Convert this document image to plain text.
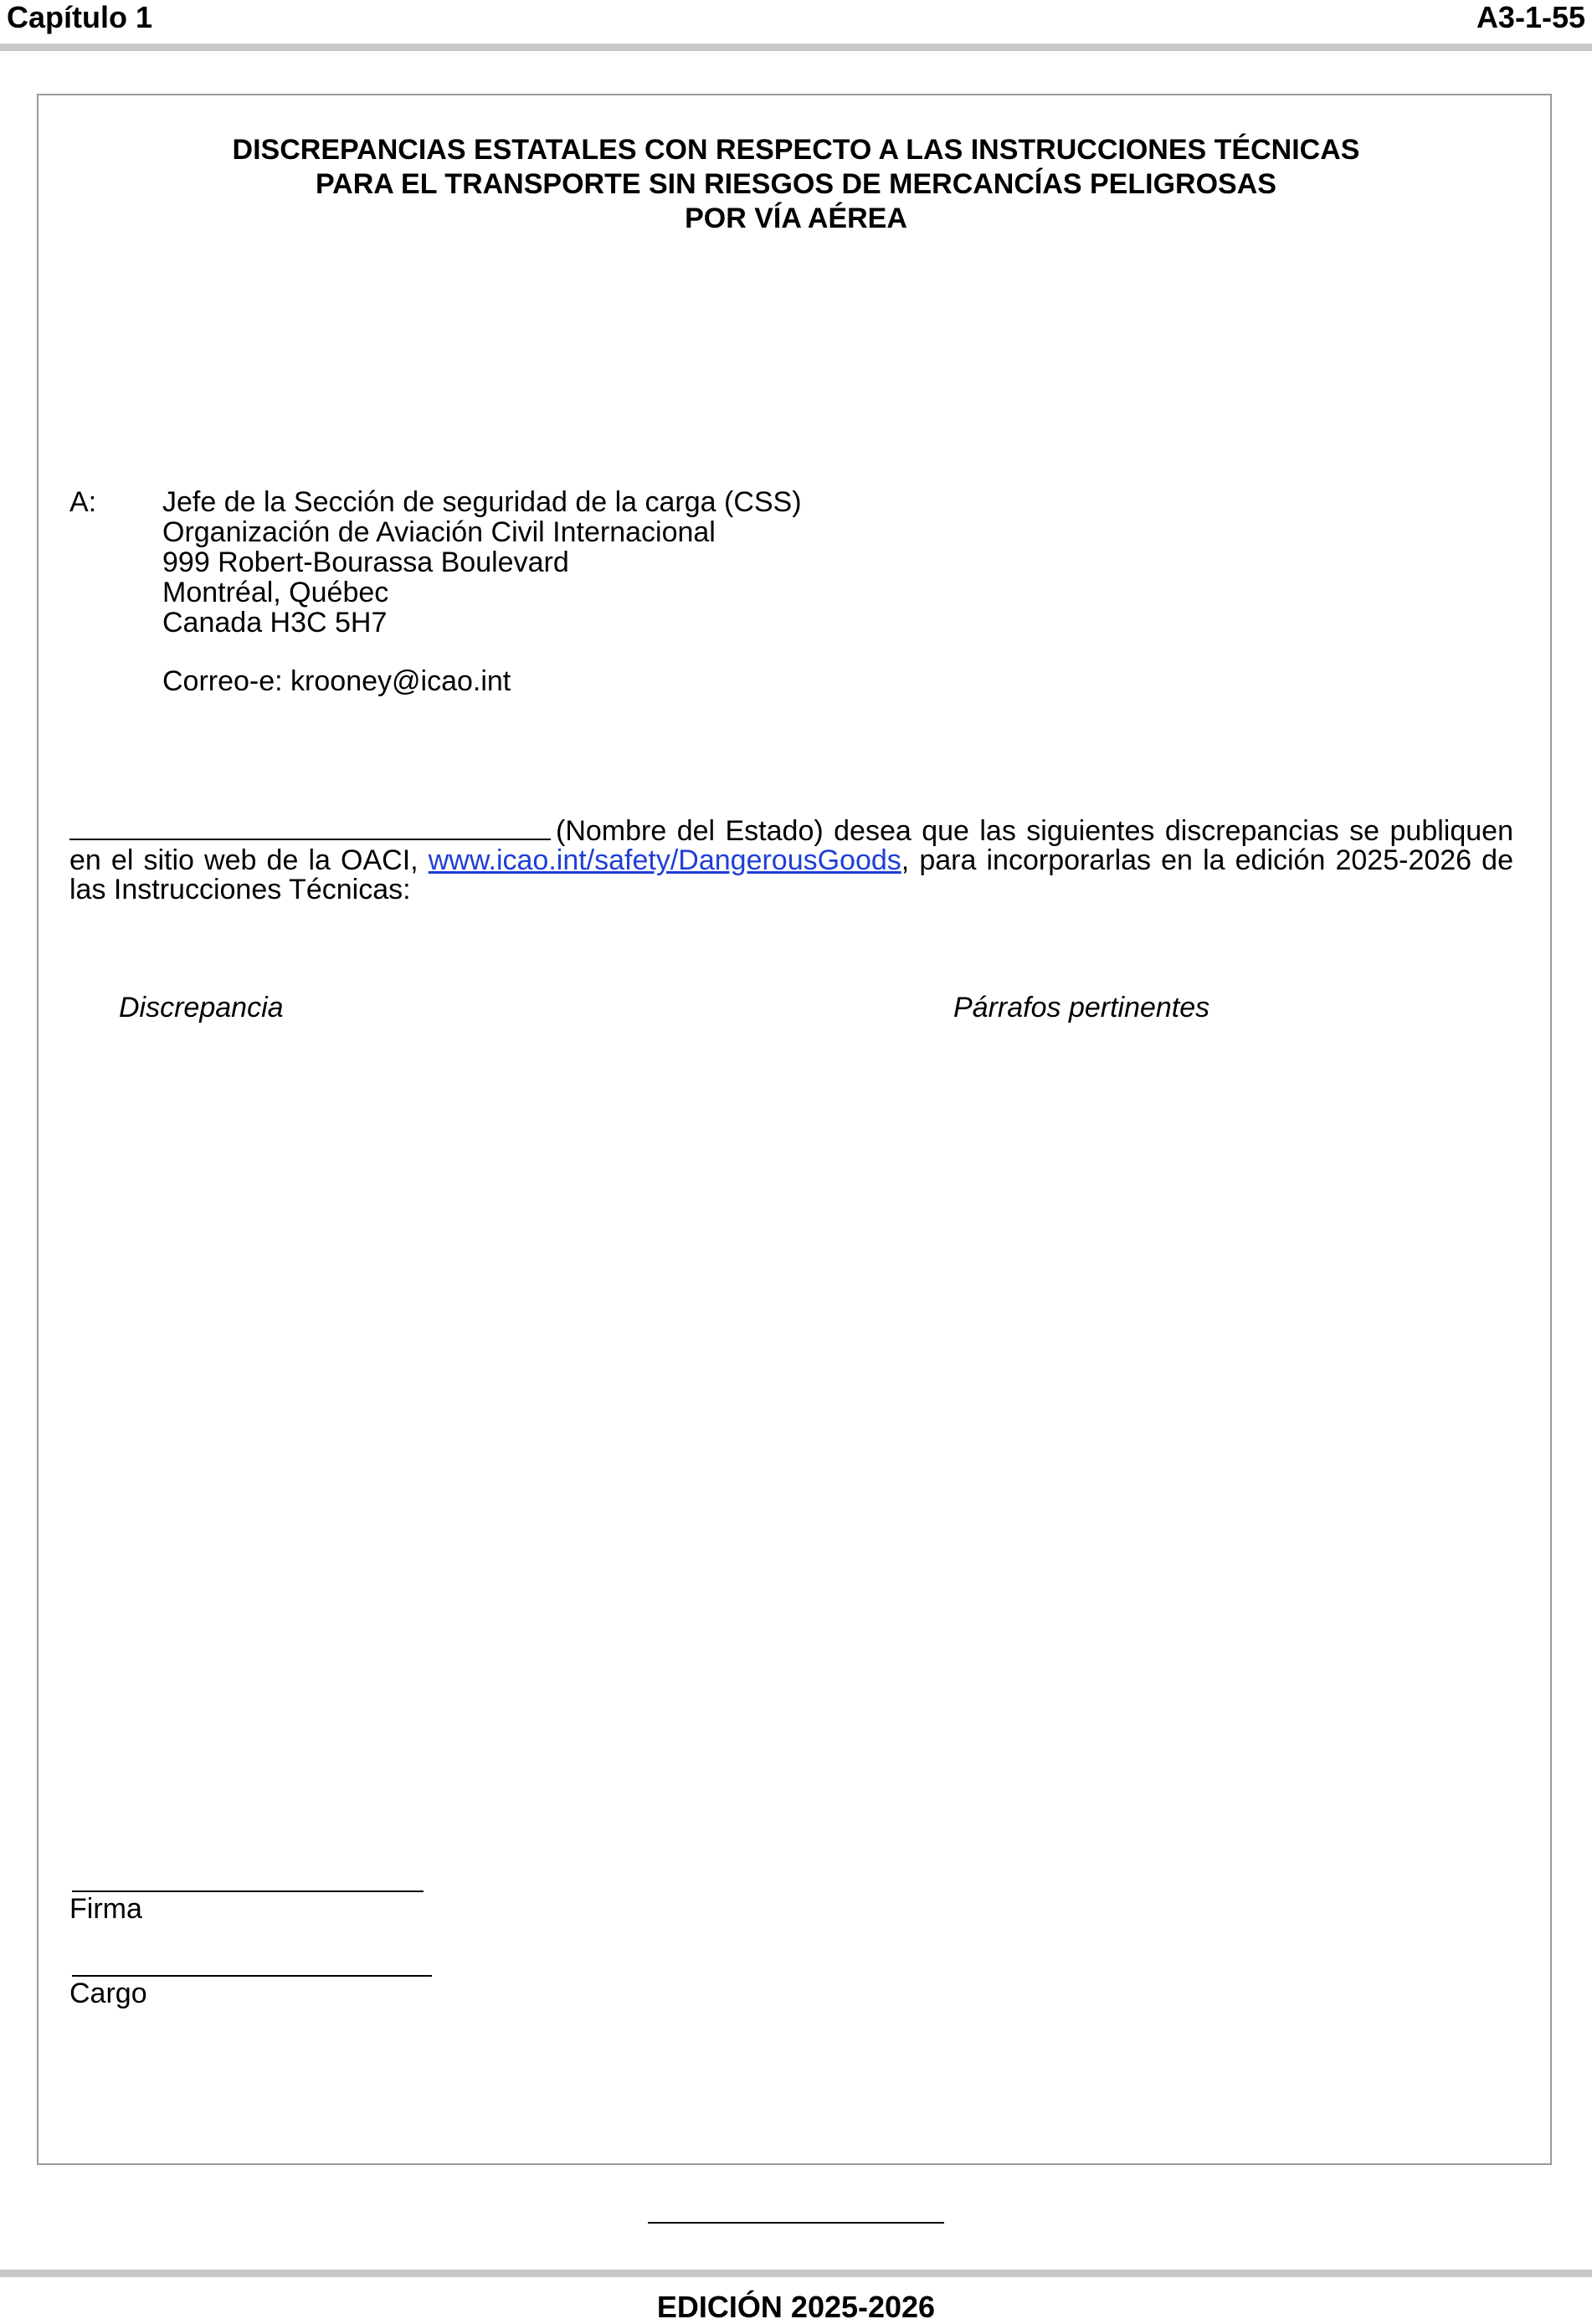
Capítulo 1	A3-1-55
DISCREPANCIAS ESTATALES CON RESPECTO A LAS INSTRUCCIONES TÉCNICAS
PARA EL TRANSPORTE SIN RIESGOS DE MERCANCÍAS PELIGROSAS
POR VÍA AÉREA
A: Jefe de la Sección de seguridad de la carga (CSS)
Organización de Aviación Civil Internacional
999 Robert-Bourassa Boulevard
Montréal, Québec
Canada H3C 5H7
Correo-e: krooney@icao.int
(Nombre del Estado) desea que las siguientes discrepancias se publiquen en el sitio web de la OACI, www.icao.int/safety/DangerousGoods, para incorporarlas en la edición 2025-2026 de las Instrucciones Técnicas:
Discrepancia	Párrafos pertinentes
Firma
Cargo
EDICIÓN 2025-2026
